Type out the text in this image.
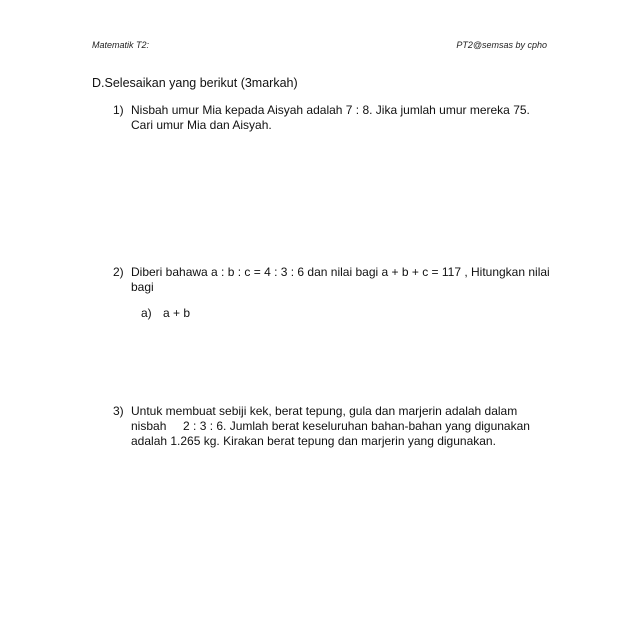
Matematik T2:	PT2@semsas by cpho
D.Selesaikan yang berikut (3markah)
1) Nisbah umur Mia kepada Aisyah adalah 7 : 8. Jika jumlah umur mereka 75. Cari umur Mia dan Aisyah.
2) Diberi bahawa a : b : c = 4 : 3 : 6 dan nilai bagi a + b + c = 117 , Hitungkan nilai bagi
a) a + b
3) Untuk membuat sebiji kek, berat tepung, gula dan marjerin adalah dalam nisbah     2 : 3 : 6. Jumlah berat keseluruhan bahan-bahan yang digunakan adalah 1.265 kg. Kirakan berat tepung dan marjerin yang digunakan.
